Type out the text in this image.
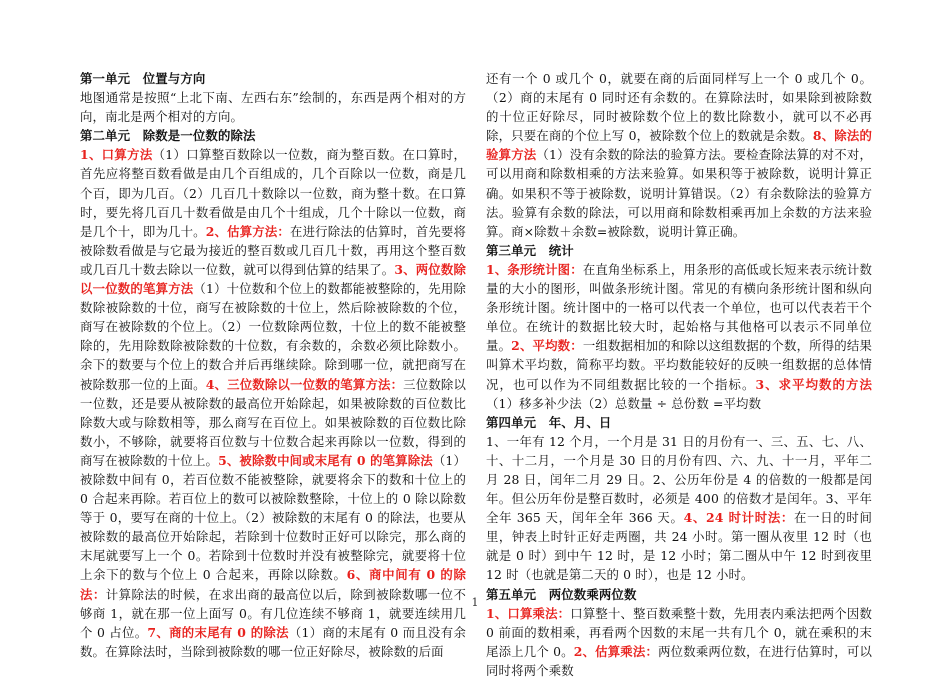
第一单元　位置与方向
地图通常是按照“上北下南、左西右东”绘制的，东西是两个相对的方向，南北是两个相对的方向。
第二单元　除数是一位数的除法
1、口算方法（1）口算整百数除以一位数，商为整百数。在口算时，首先应将整百数看做是由几个百组成的，几个百除以一位数，商是几个百，即为几百。（2）几百几十数除以一位数，商为整十数。在口算时，要先将几百几十数看做是由几个十组成，几个十除以一位数，商是几个十，即为几十。2、估算方法：在进行除法的估算时，首先要将被除数看做是与它最为接近的整百数或几百几十数，再用这个整百数或几百几十数去除以一位数，就可以得到估算的结果了。3、两位数除以一位数的笔算方法（1）十位数和个位上的数都能被整除的，先用除数除被除数的十位，商写在被除数的十位上，然后除被除数的个位，商写在被除数的个位上。（2）一位数除两位数，十位上的数不能被整除的，先用除数除被除数的十位数，有余数的，余数必须比除数小。余下的数要与个位上的数合并后再继续除。除到哪一位，就把商写在被除数那一位的上面。4、三位数除以一位数的笔算方法：三位数除以一位数，还是要从被除数的最高位开始除起，如果被除数的百位数比除数大或与除数相等，那么商写在百位上。如果被除数的百位数比除数小，不够除，就要将百位数与十位数合起来再除以一位数，得到的商写在被除数的十位上。5、被除数中间或末尾有 0 的笔算除法（1）被除数中间有 0，若百位数不能被整除，就要将余下的数和十位上的 0 合起来再除。若百位上的数可以被除数整除，十位上的 0 除以除数等于 0，要写在商的十位上。（2）被除数的末尾有 0 的除法，也要从被除数的最高位开始除起，若除到十位数时正好可以除完，那么商的末尾就要写上一个 0。若除到十位数时并没有被整除完，就要将十位上余下的数与个位上 0 合起来，再除以除数。6、商中间有 0 的除法：计算除法的时候，在求出商的最高位以后，除到被除数哪一位不够商 1，就在那一位上面写 0。有几位连续不够商 1，就要连续用几个 0 占位。7、商的末尾有 0 的除法（1）商的末尾有 0 而且没有余数。在算除法时，当除到被除数的哪一位正好除尽，被除数的后面

还有一个 0 或几个 0，就要在商的后面同样写上一个 0 或几个 0。（2）商的末尾有 0 同时还有余数的。在算除法时，如果除到被除数的十位正好除尽，同时被除数个位上的数比除数小，就可以不必再除，只要在商的个位上写 0，被除数个位上的数就是余数。8、除法的验算方法（1）没有余数的除法的验算方法。要检查除法算的对不对，可以用商和除数相乘的方法来验算。如果积等于被除数，说明计算正确。如果积不等于被除数，说明计算错误。（2）有余数除法的验算方法。验算有余数的除法，可以用商和除数相乘再加上余数的方法来验算。商×除数＋余数=被除数，说明计算正确。
第三单元　统计
1、条形统计图：在直角坐标系上，用条形的高低或长短来表示统计数量的大小的图形，叫做条形统计图。常见的有横向条形统计图和纵向条形统计图。统计图中的一格可以代表一个单位，也可以代表若干个单位。在统计的数据比较大时，起始格与其他格可以表示不同单位量。2、平均数：一组数据相加的和除以这组数据的个数，所得的结果叫算术平均数，简称平均数。平均数能较好的反映一组数据的总体情况，也可以作为不同组数据比较的一个指标。3、求平均数的方法（1）移多补少法（2）总数量 ÷ 总份数 =平均数
第四单元　年、月、日
1、一年有 12 个月，一个月是 31 日的月份有一、三、五、七、八、十、十二月，一个月是 30 日的月份有四、六、九、十一月，平年二月 28 日，闰年二月 29 日。2、公历年份是 4 的倍数的一般都是闰年。但公历年份是整百数时，必须是 400 的倍数才是闰年。3、平年全年 365 天，闰年全年 366 天。4、24 时计时法：在一日的时间里，钟表上时针正好走两圈，共 24 小时。第一圈从夜里 12 时（也就是 0 时）到中午 12 时，是 12 小时；第二圈从中午 12 时到夜里 12 时（也就是第二天的 0 时），也是 12 小时。
第五单元　两位数乘两位数
1、口算乘法：口算整十、整百数乘整十数，先用表内乘法把两个因数 0 前面的数相乘，再看两个因数的末尾一共有几个 0，就在乘积的末尾添上几个 0。2、估算乘法：两位数乘两位数，在进行估算时，可以同时将两个乘数

1
